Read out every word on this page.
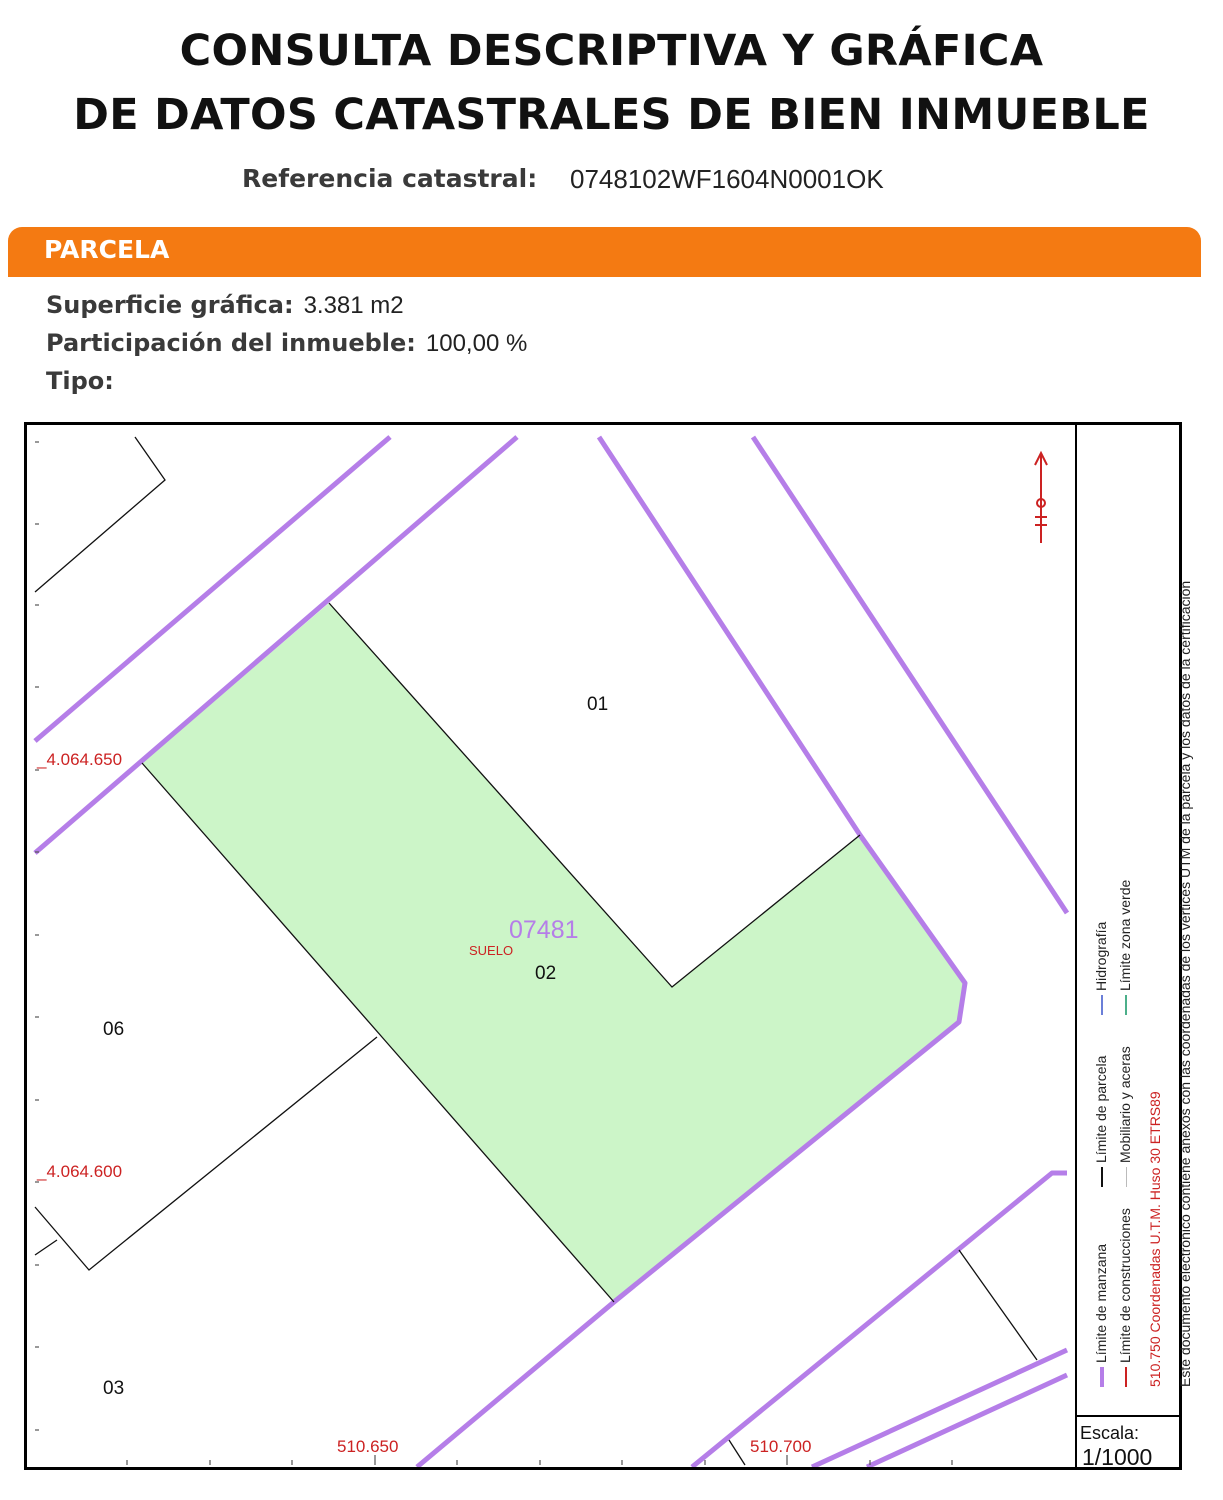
CONSULTA DESCRIPTIVA Y GRÁFICA
DE DATOS CATASTRALES DE BIEN INMUEBLE
Referencia catastral: 0748102WF1604N0001OK
PARCELA
Superficie gráfica: 3.381 m2
Participación del inmueble: 100,00 %
Tipo:
01
02
06
03
07481
SUELO
_4.064.650
_4.064.600
510.650	510.700
Límite de manzana
Límite de parcela
Hidrografía
Límite de construcciones
Mobiliario y aceras
Límite zona verde
510.750 Coordenadas U.T.M. Huso 30 ETRS89 Este documento electrónico contiene anexos con las coordenadas de los vértices UTM de la parcela y los datos de la certificación
Escala:
1/1000
